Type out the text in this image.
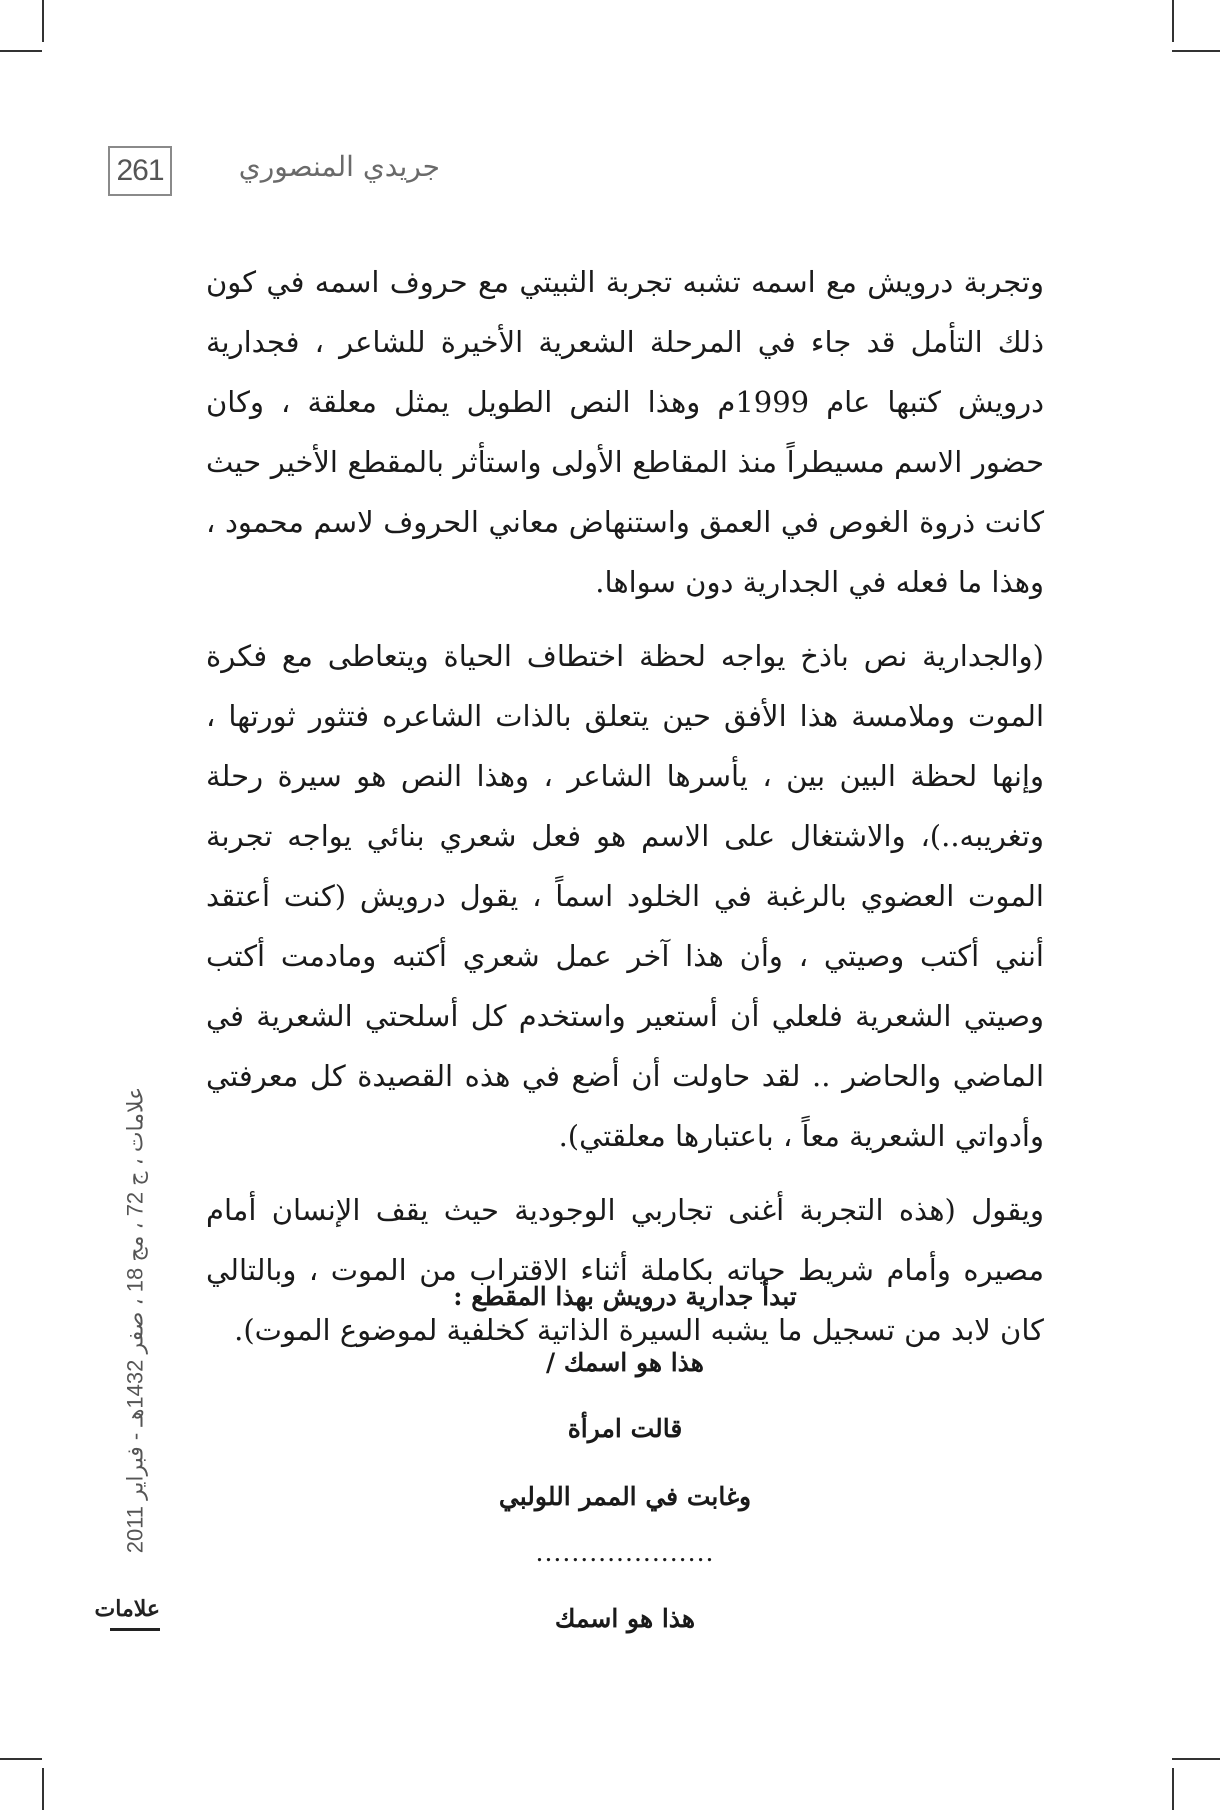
261	جريدي المنصوري

وتجربة درويش مع اسمه تشبه تجربة الثبيتي مع حروف اسمه في كون ذلك التأمل قد جاء في المرحلة الشعرية الأخيرة للشاعر ، فجدارية درويش كتبها عام 1999م وهذا النص الطويل يمثل معلقة ، وكان حضور الاسم مسيطراً منذ المقاطع الأولى واستأثر بالمقطع الأخير حيث كانت ذروة الغوص في العمق واستنهاض معاني الحروف لاسم محمود ، وهذا ما فعله في الجدارية دون سواها.

(والجدارية نص باذخ يواجه لحظة اختطاف الحياة ويتعاطى مع فكرة الموت وملامسة هذا الأفق حين يتعلق بالذات الشاعره فتثور ثورتها ، وإنها لحظة البين بين ، يأسرها الشاعر ، وهذا النص هو سيرة رحلة وتغريبه..)، والاشتغال على الاسم هو فعل شعري بنائي يواجه تجربة الموت العضوي بالرغبة في الخلود اسماً ، يقول درويش (كنت أعتقد أنني أكتب وصيتي ، وأن هذا آخر عمل شعري أكتبه ومادمت أكتب وصيتي الشعرية فلعلي أن أستعير واستخدم كل أسلحتي الشعرية في الماضي والحاضر .. لقد حاولت أن أضع في هذه القصيدة كل معرفتي وأدواتي الشعرية معاً ، باعتبارها معلقتي).

ويقول (هذه التجربة أغنى تجاربي الوجودية حيث يقف الإنسان أمام مصيره وأمام شريط حياته بكاملة أثناء الاقتراب من الموت ، وبالتالي كان لابد من تسجيل ما يشبه السيرة الذاتية كخلفية لموضوع الموت).

تبدأ جدارية درويش بهذا المقطع :
هذا هو اسمك /
قالت امرأة
وغابت في الممر اللولبي
....................
هذا هو اسمك
علامات ، ج 72 ، مج 18 ، صفر 1432هـ - فبراير 2011
علامات
